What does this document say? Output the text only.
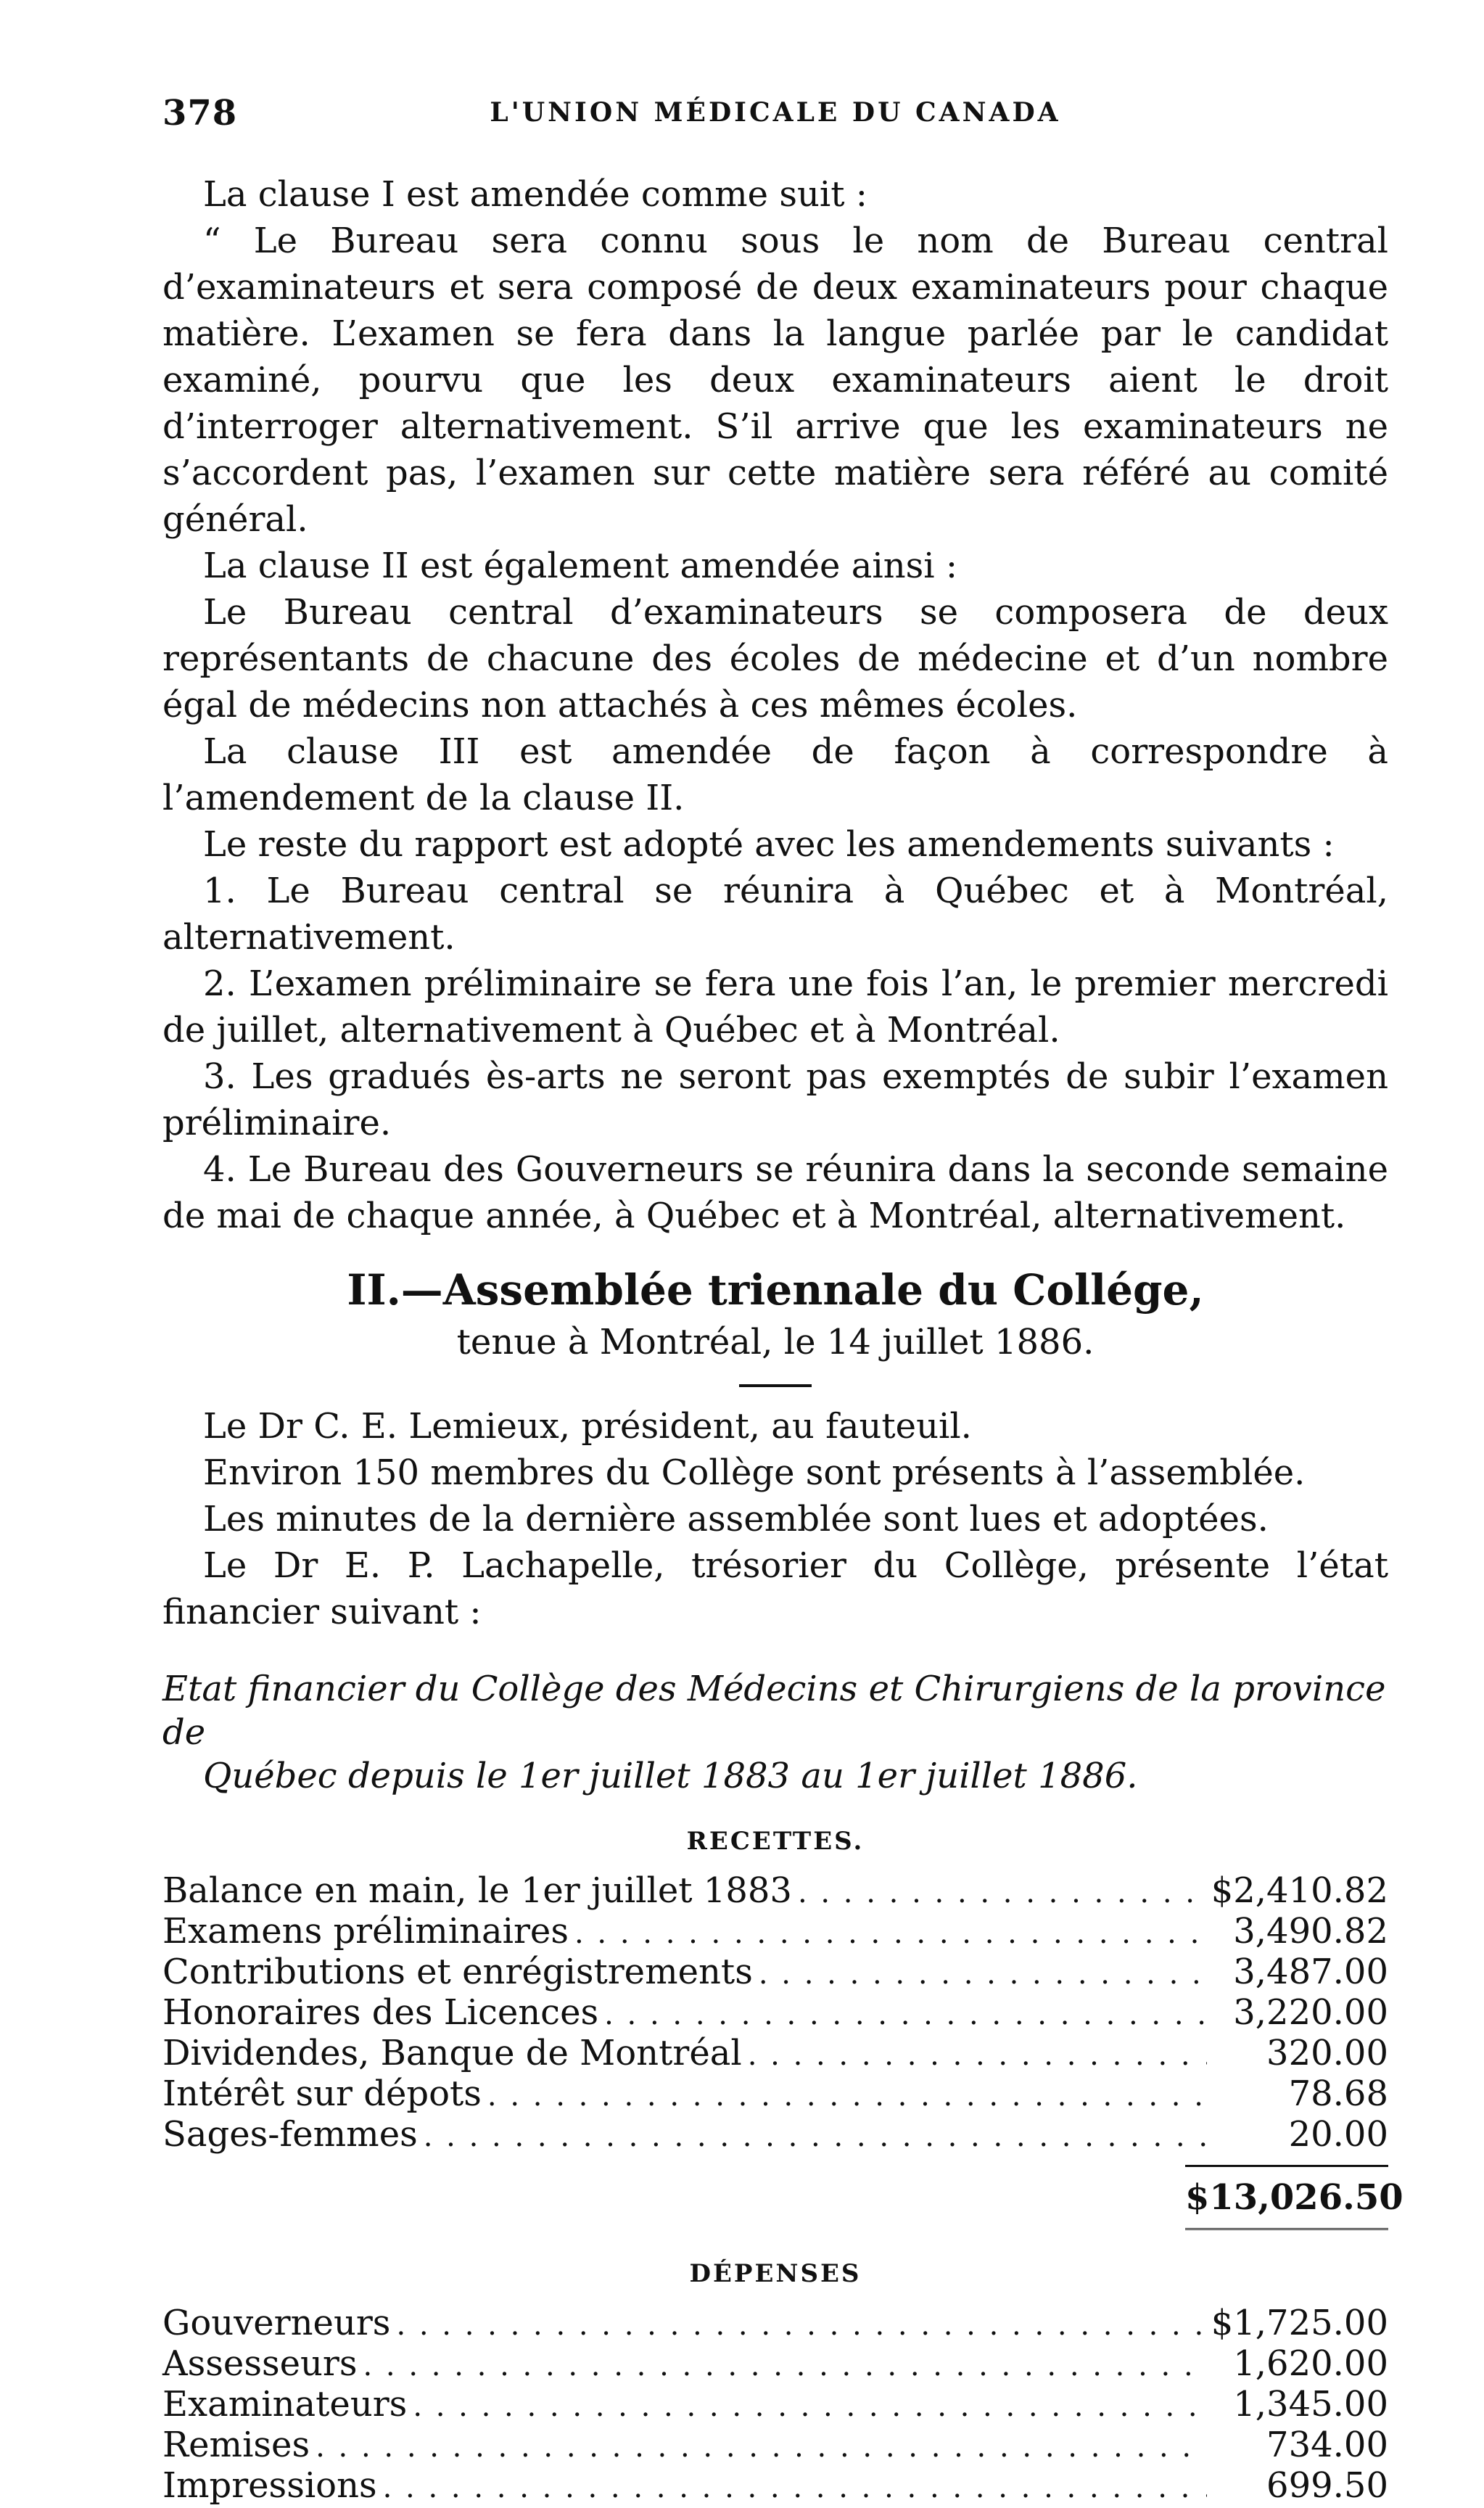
378	L'UNION MÉDICALE DU CANADA

La clause I est amendée comme suit :

“ Le Bureau sera connu sous le nom de Bureau central d’examinateurs et sera composé de deux examinateurs pour chaque matière. L’examen se fera dans la langue parlée par le candidat examiné, pourvu que les deux examinateurs aient le droit d’interroger alternativement. S’il arrive que les examinateurs ne s’accordent pas, l’examen sur cette matière sera référé au comité général.

La clause II est également amendée ainsi :

Le Bureau central d’examinateurs se composera de deux représentants de chacune des écoles de médecine et d’un nombre égal de médecins non attachés à ces mêmes écoles.

La clause III est amendée de façon à correspondre à l’amendement de la clause II.

Le reste du rapport est adopté avec les amendements suivants :

1. Le Bureau central se réunira à Québec et à Montréal, alternativement.

2. L’examen préliminaire se fera une fois l’an, le premier mercredi de juillet, alternativement à Québec et à Montréal.

3. Les gradués ès-arts ne seront pas exemptés de subir l’examen préliminaire.

4. Le Bureau des Gouverneurs se réunira dans la seconde semaine de mai de chaque année, à Québec et à Montréal, alternativement.

II.—Assemblée triennale du Collége,
tenue à Montréal, le 14 juillet 1886.

Le Dr C. E. Lemieux, président, au fauteuil.

Environ 150 membres du Collège sont présents à l’assemblée.

Les minutes de la dernière assemblée sont lues et adoptées.

Le Dr E. P. Lachapelle, trésorier du Collège, présente l’état financier suivant :

Etat financier du Collège des Médecins et Chirurgiens de la province de
Québec depuis le 1er juillet 1883 au 1er juillet 1886.
RECETTES.
Balance en main, le 1er juillet 1883 . . .	$2,410.82
Examens préliminaires . . .	3,490.82
Contributions et enrégistrements . . .	3,487.00
Honoraires des Licences . . .	3,220.00
Dividendes, Banque de Montréal . . .	320.00
Intérêt sur dépots . . .	78.68
Sages-femmes . . .	20.00
$13,026.50
DÉPENSES
Gouverneurs . . .	$1,725.00
Assesseurs . . .	1,620.00
Examinateurs . . .	1,345.00
Remises . . .	734.00
Impressions . . .	699.50
